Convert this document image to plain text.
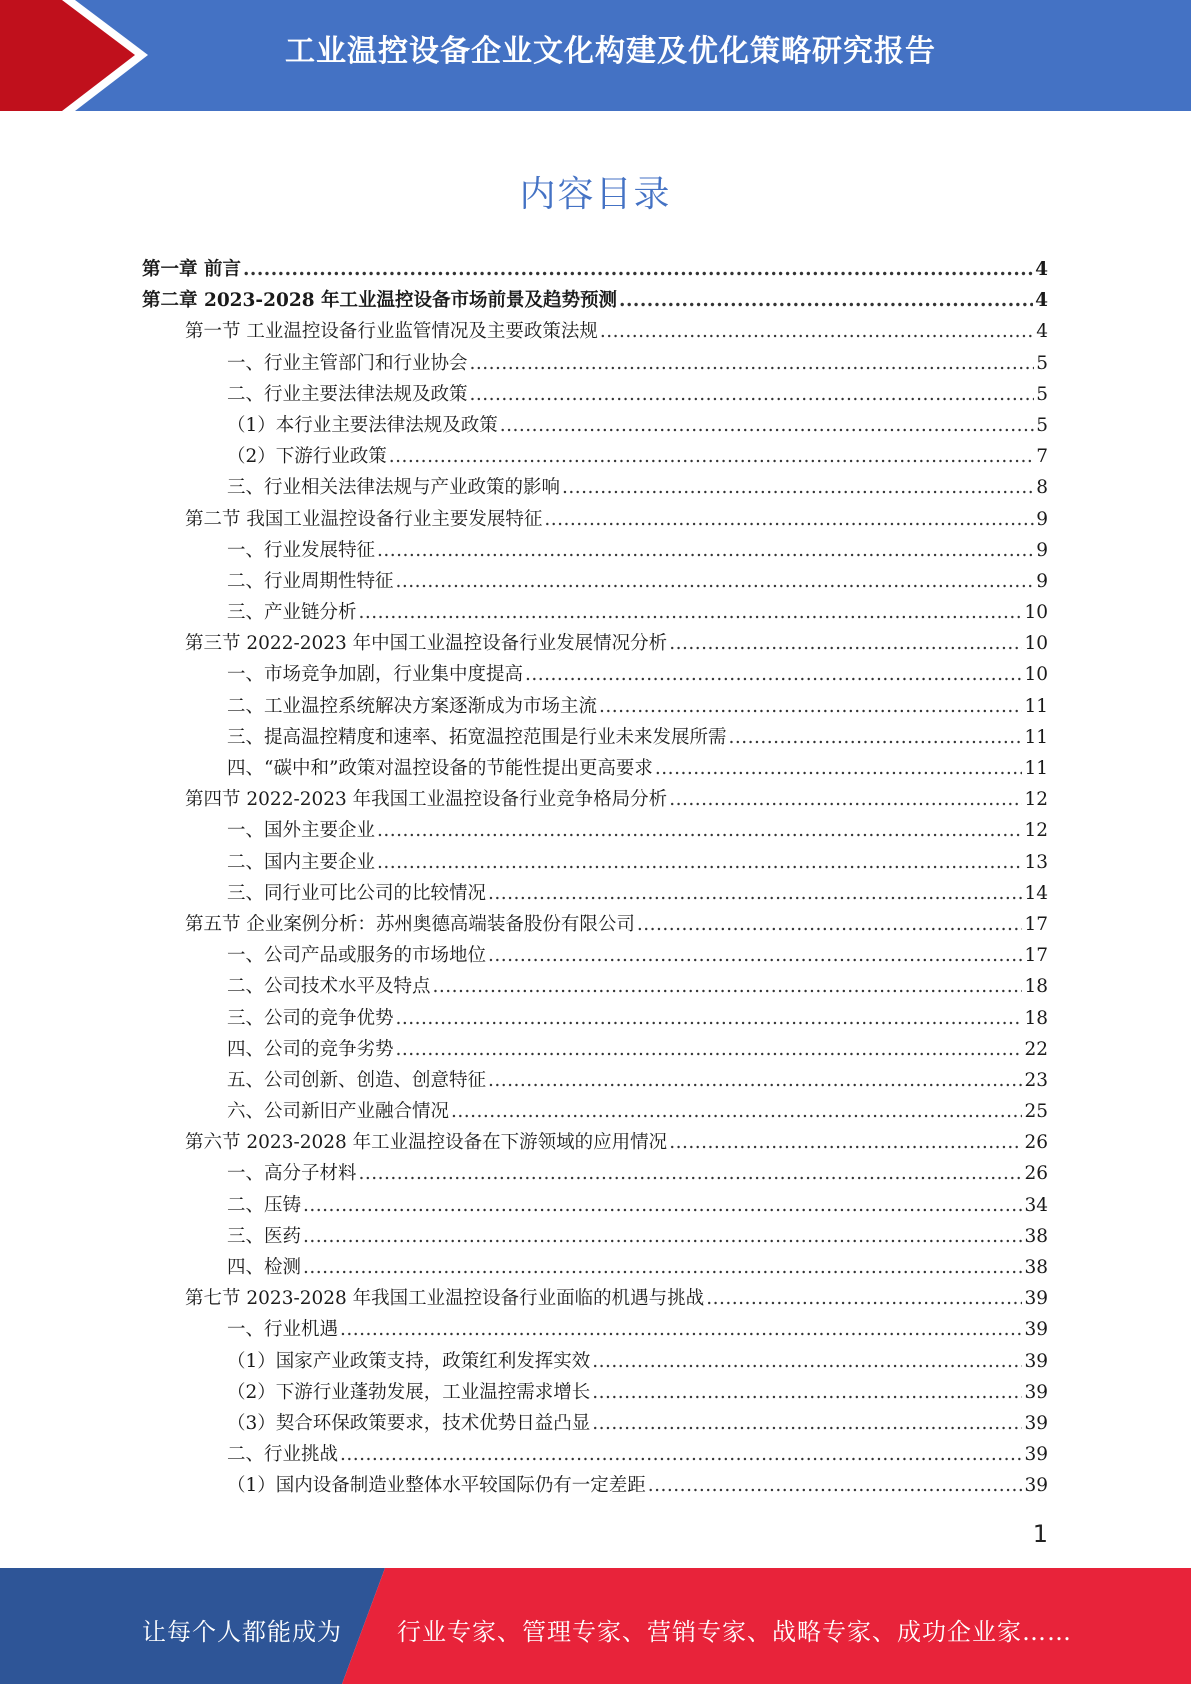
工业温控设备企业文化构建及优化策略研究报告
内容目录
第一章 前言 .....	4
第二章 2023-2028 年工业温控设备市场前景及趋势预测 .....	4
第一节 工业温控设备行业监管情况及主要政策法规 .....	4
一、行业主管部门和行业协会 .....	5
二、行业主要法律法规及政策 .....	5
（1）本行业主要法律法规及政策 .....	5
（2）下游行业政策 .....	7
三、行业相关法律法规与产业政策的影响 .....	8
第二节 我国工业温控设备行业主要发展特征 .....	9
一、行业发展特征 .....	9
二、行业周期性特征 .....	9
三、产业链分析 .....	10
第三节 2022-2023 年中国工业温控设备行业发展情况分析 .....	10
一、市场竞争加剧，行业集中度提高 .....	10
二、工业温控系统解决方案逐渐成为市场主流 .....	11
三、提高温控精度和速率、拓宽温控范围是行业未来发展所需 .....	11
四、“碳中和”政策对温控设备的节能性提出更高要求 .....	11
第四节 2022-2023 年我国工业温控设备行业竞争格局分析 .....	12
一、国外主要企业 .....	12
二、国内主要企业 .....	13
三、同行业可比公司的比较情况 .....	14
第五节 企业案例分析：苏州奥德高端装备股份有限公司 .....	17
一、公司产品或服务的市场地位 .....	17
二、公司技术水平及特点 .....	18
三、公司的竞争优势 .....	18
四、公司的竞争劣势 .....	22
五、公司创新、创造、创意特征 .....	23
六、公司新旧产业融合情况 .....	25
第六节 2023-2028 年工业温控设备在下游领域的应用情况 .....	26
一、高分子材料 .....	26
二、压铸 .....	34
三、医药 .....	38
四、检测 .....	38
第七节 2023-2028 年我国工业温控设备行业面临的机遇与挑战 .....	39
一、行业机遇 .....	39
（1）国家产业政策支持，政策红利发挥实效 .....	39
（2）下游行业蓬勃发展，工业温控需求增长 .....	39
（3）契合环保政策要求，技术优势日益凸显 .....	39
二、行业挑战 .....	39
（1）国内设备制造业整体水平较国际仍有一定差距 .....	39
1
让每个人都能成为 行业专家、管理专家、营销专家、战略专家、成功企业家……
